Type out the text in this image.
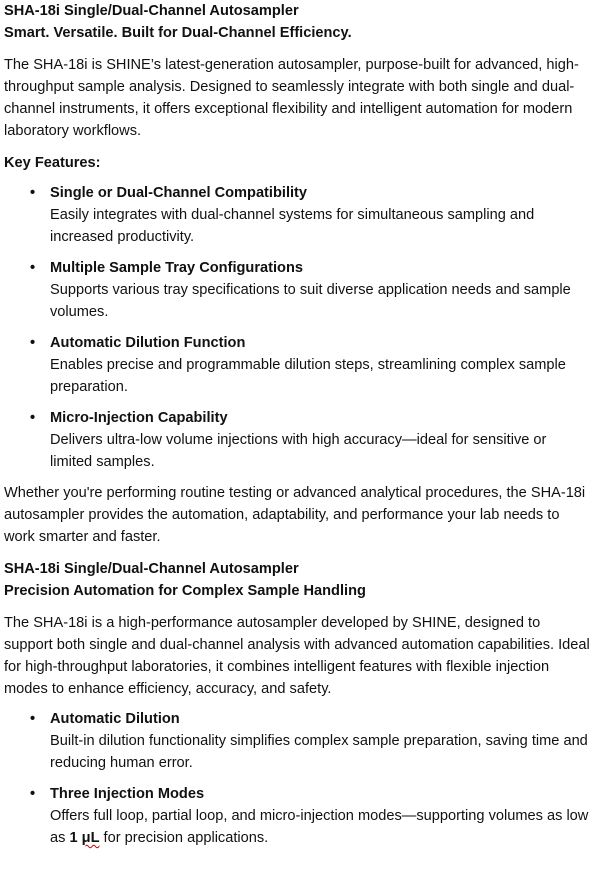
SHA-18i Single/Dual-Channel Autosampler
Smart. Versatile. Built for Dual-Channel Efficiency.

The SHA-18i is SHINE’s latest-generation autosampler, purpose-built for advanced, high-throughput sample analysis. Designed to seamlessly integrate with both single and dual-channel instruments, it offers exceptional flexibility and intelligent automation for modern laboratory workflows.

Key Features:

• Single or Dual-Channel Compatibility
Easily integrates with dual-channel systems for simultaneous sampling and increased productivity.
• Multiple Sample Tray Configurations
Supports various tray specifications to suit diverse application needs and sample volumes.
• Automatic Dilution Function
Enables precise and programmable dilution steps, streamlining complex sample preparation.
• Micro-Injection Capability
Delivers ultra-low volume injections with high accuracy—ideal for sensitive or limited samples.

Whether you're performing routine testing or advanced analytical procedures, the SHA-18i autosampler provides the automation, adaptability, and performance your lab needs to work smarter and faster.

SHA-18i Single/Dual-Channel Autosampler
Precision Automation for Complex Sample Handling

The SHA-18i is a high-performance autosampler developed by SHINE, designed to support both single and dual-channel analysis with advanced automation capabilities. Ideal for high-throughput laboratories, it combines intelligent features with flexible injection modes to enhance efficiency, accuracy, and safety.

• Automatic Dilution
Built-in dilution functionality simplifies complex sample preparation, saving time and reducing human error.
• Three Injection Modes
Offers full loop, partial loop, and micro-injection modes—supporting volumes as low as 1 μL for precision applications.
